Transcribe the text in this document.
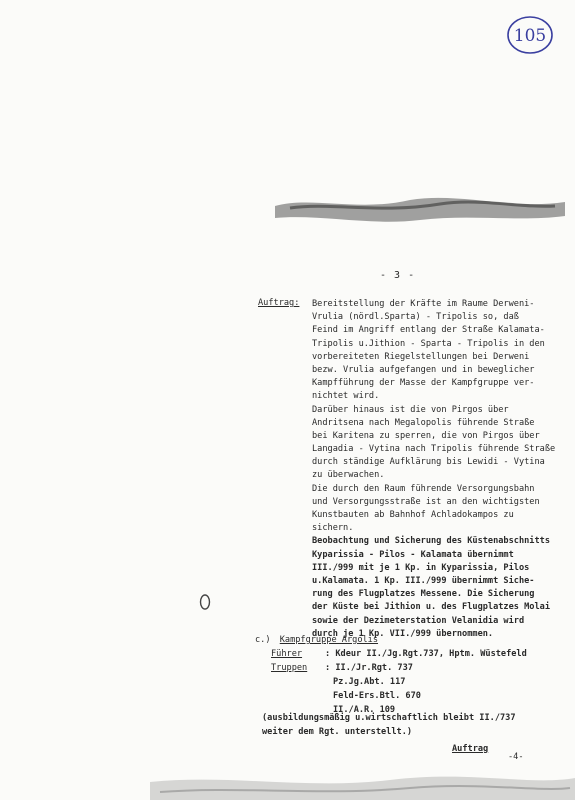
105
- 3 -
Auftrag: Bereitstellung der Kräfte im Raume Derweni-
Vrulia (nördl.Sparta) - Tripolis so, daß
Feind im Angriff entlang der Straße Kalamata-
Tripolis u.Jithion - Sparta - Tripolis in den
vorbereiteten Riegelstellungen bei Derweni
bezw. Vrulia aufgefangen und in beweglicher
Kampfführung der Masse der Kampfgruppe ver-
nichtet wird.
Darüber hinaus ist die von Pirgos über
Andritsena nach Megalopolis führende Straße
bei Karitena zu sperren, die von Pirgos über
Langadia - Vytina nach Tripolis führende Straße
durch ständige Aufklärung bis Lewidi - Vytina
zu überwachen.
Die durch den Raum führende Versorgungsbahn
und Versorgungsstraße ist an den wichtigsten
Kunstbauten ab Bahnhof Achladokampos zu
sichern.
Beobachtung und Sicherung des Küstenabschnitts
Kyparissia - Pilos - Kalamata übernimmt
III./999 mit je 1 Kp. in Kyparissia, Pilos
u.Kalamata. 1 Kp. III./999 übernimmt Siche-
rung des Flugplatzes Messene. Die Sicherung
der Küste bei Jithion u. des Flugplatzes Molai
sowie der Dezimeterstation Velanidia wird
durch je 1 Kp. VII./999 übernommen.
c.) Kampfgruppe Argolis
Führer	: Kdeur II./Jg.Rgt.737, Hptm. Wüstefeld
Truppen : II./Jr.Rgt. 737
Pz.Jg.Abt. 117
Feld-Ers.Btl. 670
II./A.R. 109
(ausbildungsmäßig u.wirtschaftlich bleibt II./737
weiter dem Rgt. unterstellt.)
Auftrag
-4-
